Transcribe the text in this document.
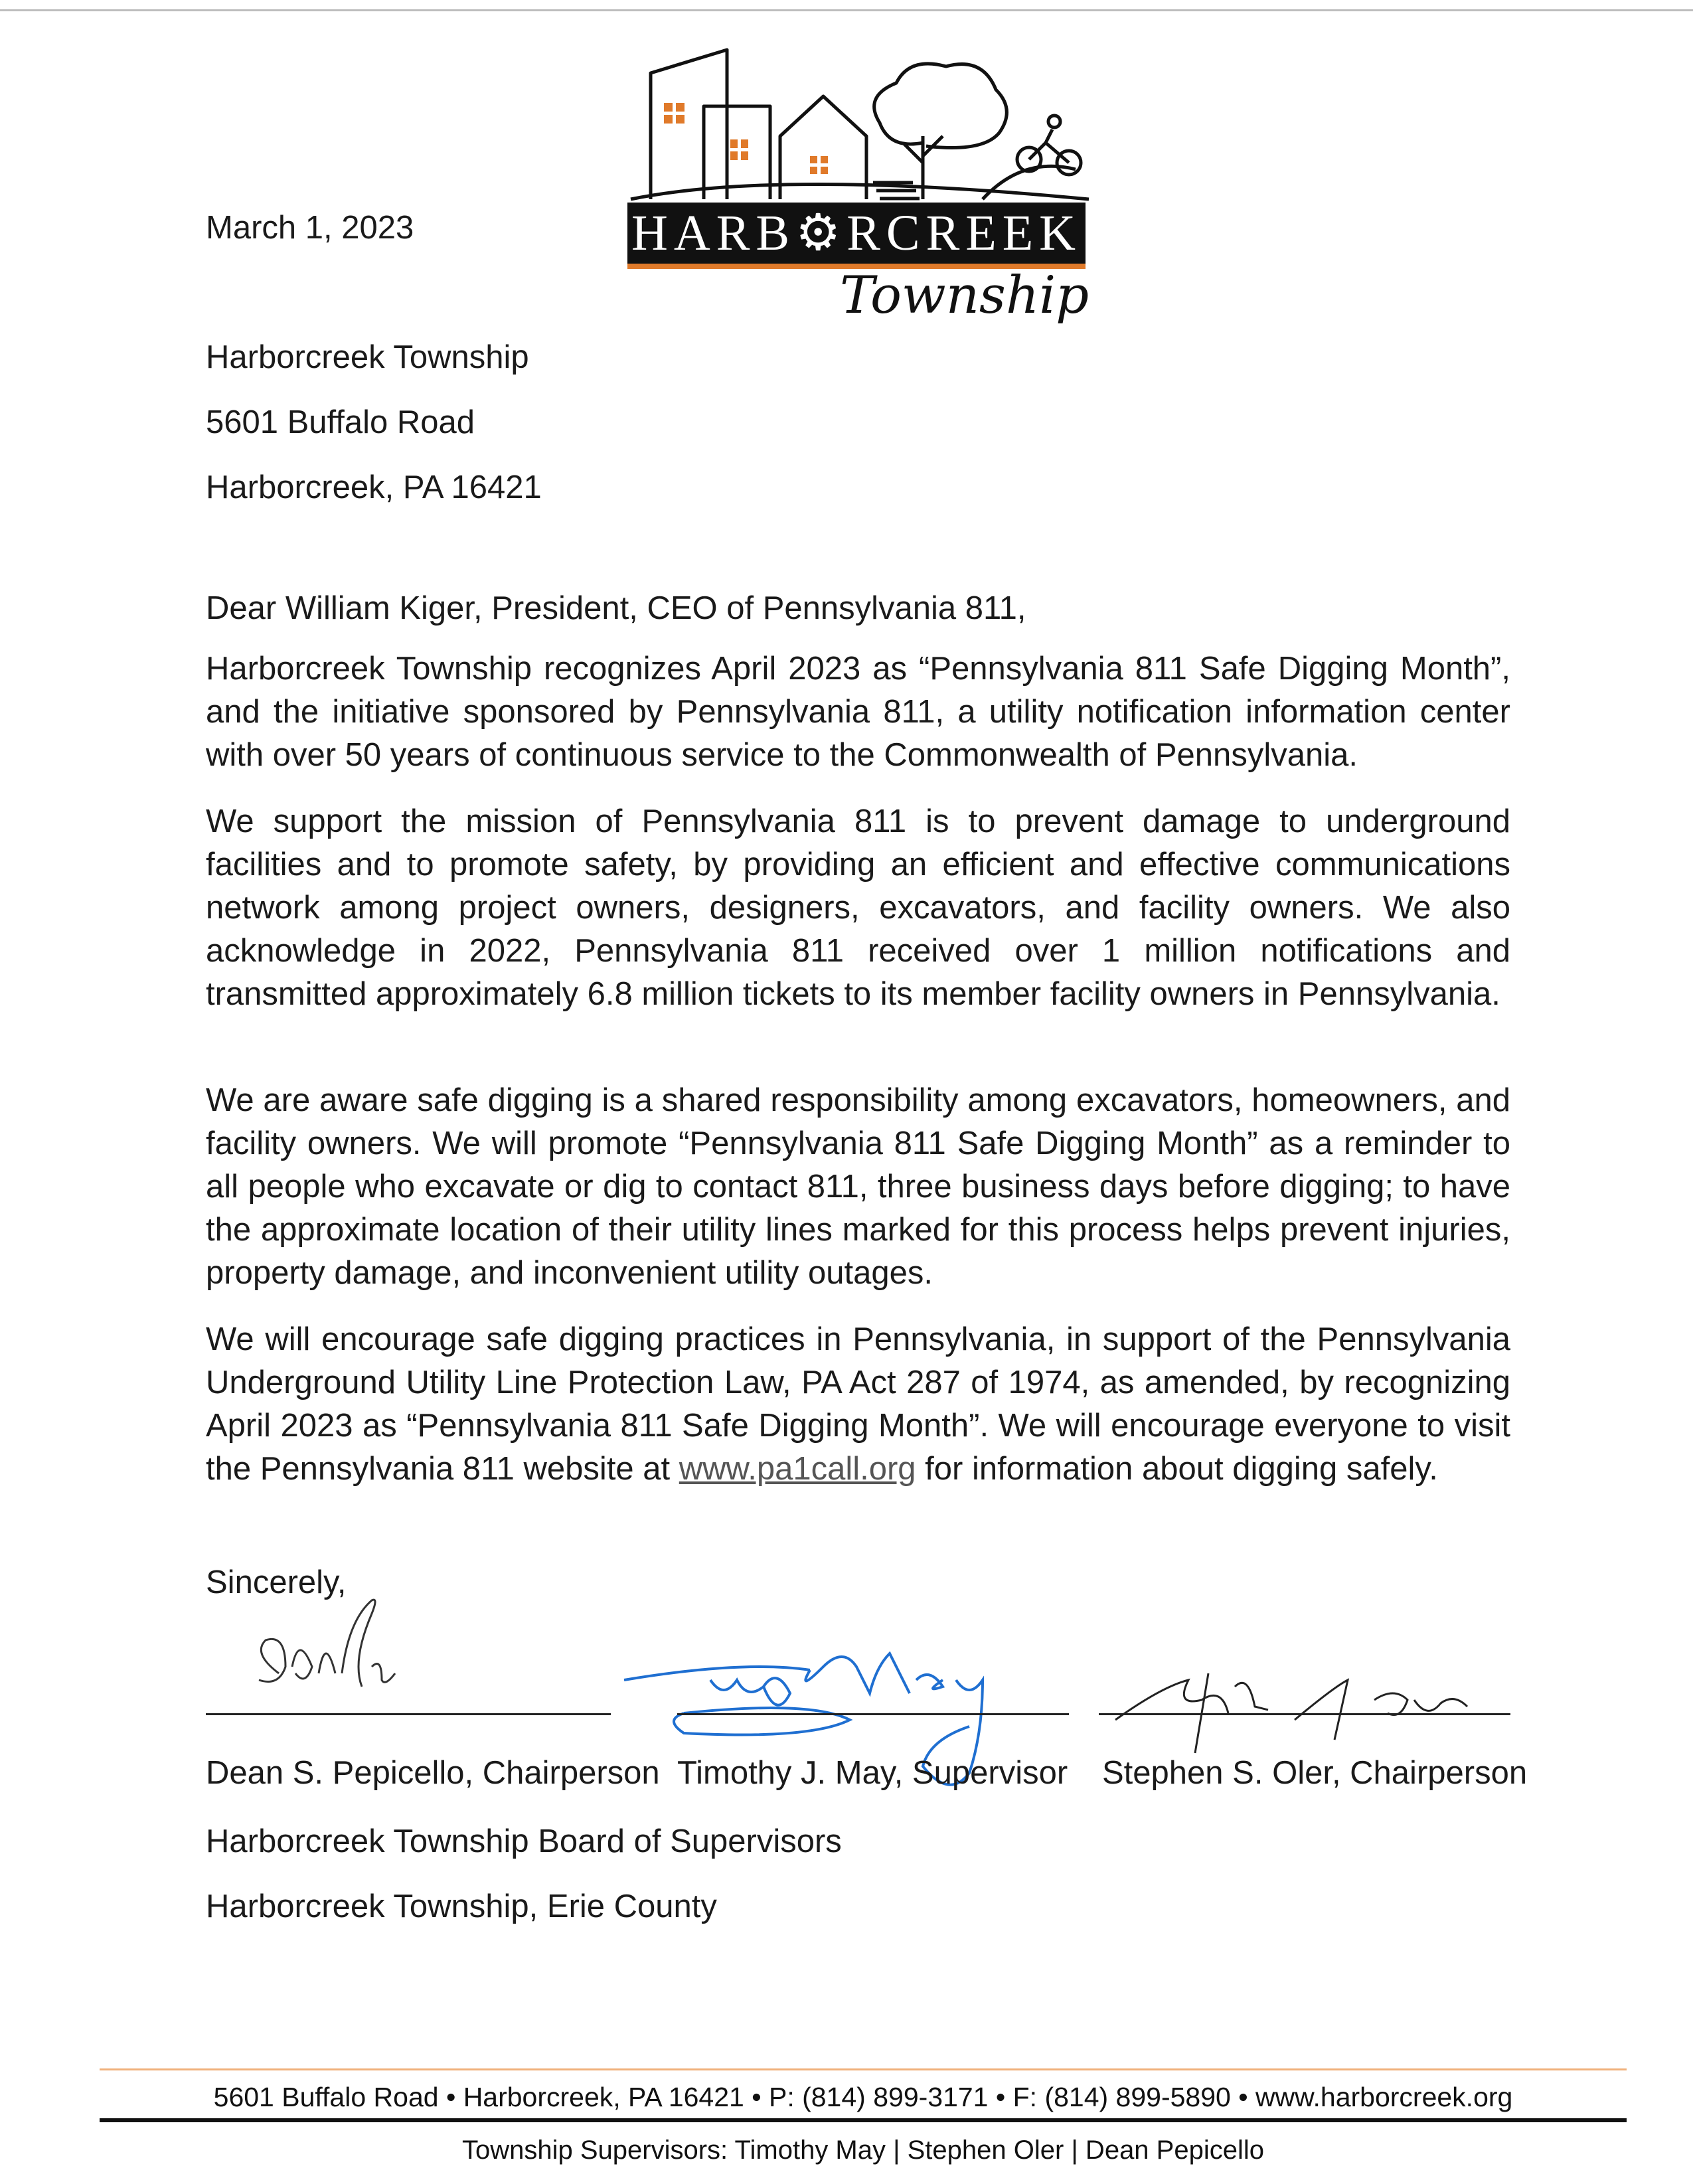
HARB⚙RCREEK
Township
March 1, 2023
Harborcreek Township
5601 Buffalo Road
Harborcreek, PA 16421
Dear William Kiger, President, CEO of Pennsylvania 811,
Harborcreek Township recognizes April 2023 as “Pennsylvania 811 Safe Digging Month”, and the initiative sponsored by Pennsylvania 811, a utility notification information center with over 50 years of continuous service to the Commonwealth of Pennsylvania.
We support the mission of Pennsylvania 811 is to prevent damage to underground facilities and to promote safety, by providing an efficient and effective communications network among project owners, designers, excavators, and facility owners. We also acknowledge in 2022, Pennsylvania 811 received over 1 million notifications and transmitted approximately 6.8 million tickets to its member facility owners in Pennsylvania.
We are aware safe digging is a shared responsibility among excavators, homeowners, and facility owners. We will promote “Pennsylvania 811 Safe Digging Month” as a reminder to all people who excavate or dig to contact 811, three business days before digging; to have the approximate location of their utility lines marked for this process helps prevent injuries, property damage, and inconvenient utility outages.
We will encourage safe digging practices in Pennsylvania, in support of the Pennsylvania Underground Utility Line Protection Law, PA Act 287 of 1974, as amended, by recognizing April 2023 as “Pennsylvania 811 Safe Digging Month”. We will encourage everyone to visit the Pennsylvania 811 website at www.pa1call.org for information about digging safely.
Sincerely,
Dean S. Pepicello, Chairperson Timothy J. May, Supervisor Stephen S. Oler, Chairperson
Harborcreek Township Board of Supervisors
Harborcreek Township, Erie County
5601 Buffalo Road • Harborcreek, PA 16421 • P: (814) 899-3171 • F: (814) 899-5890 • www.harborcreek.org
Township Supervisors: Timothy May | Stephen Oler | Dean Pepicello
